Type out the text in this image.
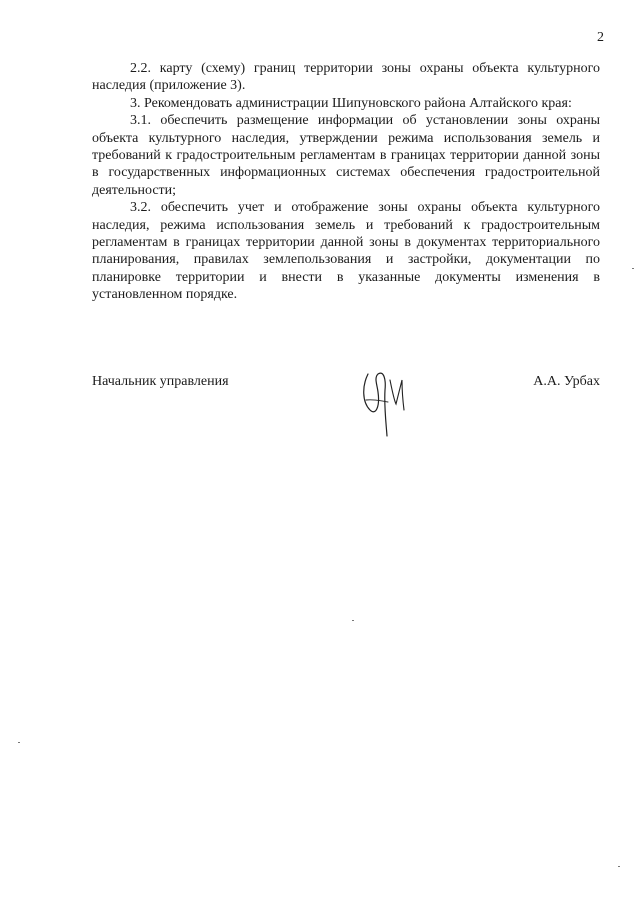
2

2.2. карту (схему) границ территории зоны охраны объекта культурного наследия (приложение 3).

3. Рекомендовать администрации Шипуновского района Алтайского края:

3.1. обеспечить размещение информации об установлении зоны охраны объекта культурного наследия, утверждении режима использования земель и требований к градостроительным регламентам в границах территории данной зоны в государственных информационных системах обеспечения градостроительной деятельности;

3.2. обеспечить учет и отображение зоны охраны объекта культурного наследия, режима использования земель и требований к градостроительным регламентам в границах территории данной зоны в документах территориального планирования, правилах землепользования и застройки, документации по планировке территории и внести в указанные документы изменения в установленном порядке.

Начальник управления	А.А. Урбах
